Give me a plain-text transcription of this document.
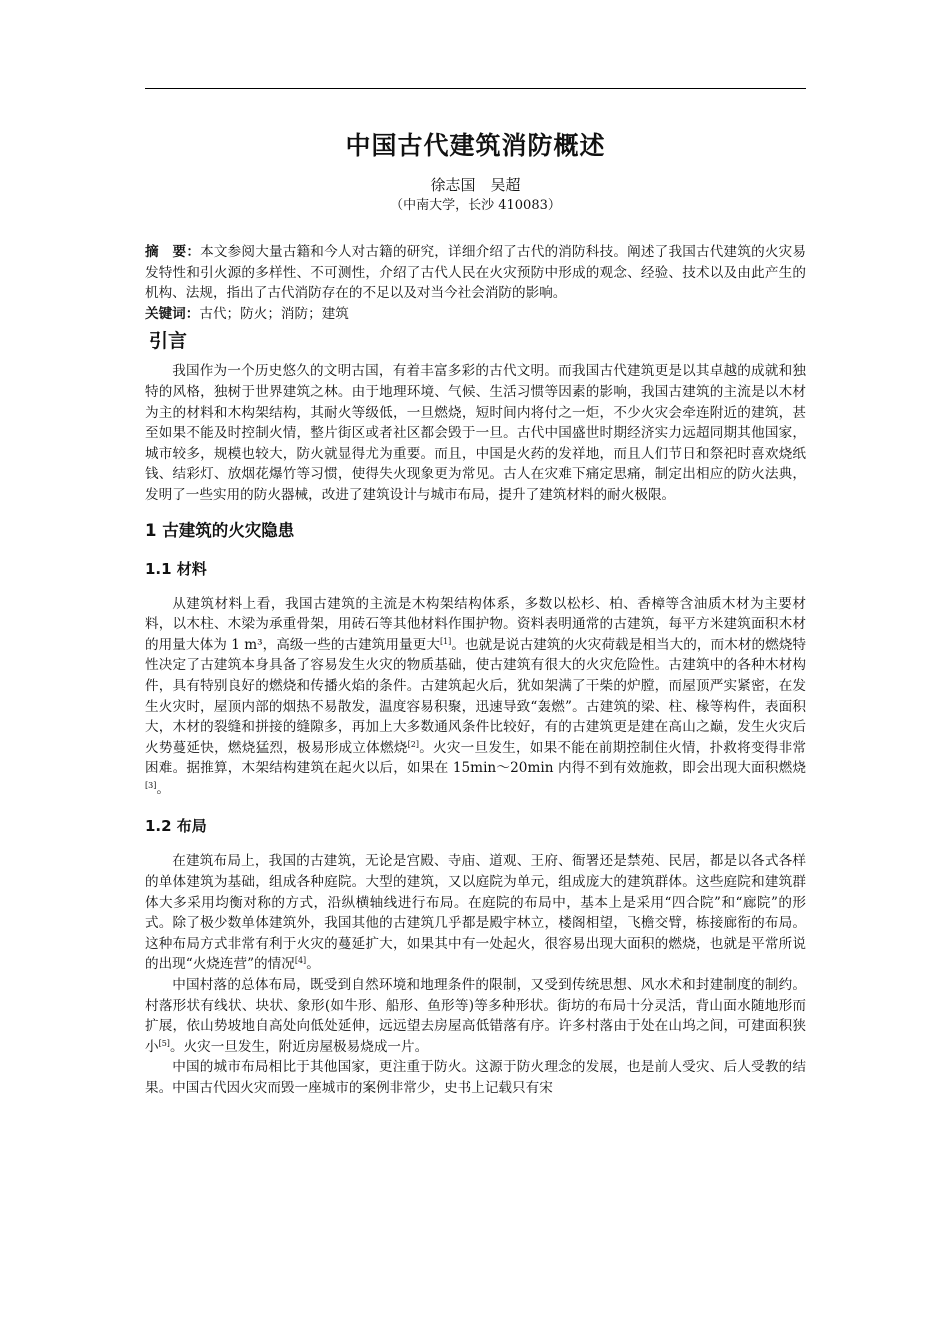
中国古代建筑消防概述
徐志国　吴超
（中南大学，长沙 410083）
摘　要：本文参阅大量古籍和今人对古籍的研究，详细介绍了古代的消防科技。阐述了我国古代建筑的火灾易发特性和引火源的多样性、不可测性，介绍了古代人民在火灾预防中形成的观念、经验、技术以及由此产生的机构、法规，指出了古代消防存在的不足以及对当今社会消防的影响。
关键词：古代；防火；消防；建筑
引言

我国作为一个历史悠久的文明古国，有着丰富多彩的古代文明。而我国古代建筑更是以其卓越的成就和独特的风格，独树于世界建筑之林。由于地理环境、气候、生活习惯等因素的影响，我国古建筑的主流是以木材为主的材料和木构架结构，其耐火等级低，一旦燃烧，短时间内将付之一炬，不少火灾会牵连附近的建筑，甚至如果不能及时控制火情，整片街区或者社区都会毁于一旦。古代中国盛世时期经济实力远超同期其他国家，城市较多，规模也较大，防火就显得尤为重要。而且，中国是火药的发祥地，而且人们节日和祭祀时喜欢烧纸钱、结彩灯、放烟花爆竹等习惯，使得失火现象更为常见。古人在灾难下痛定思痛，制定出相应的防火法典，发明了一些实用的防火器械，改进了建筑设计与城市布局，提升了建筑材料的耐火极限。

1 古建筑的火灾隐患
1.1 材料

从建筑材料上看，我国古建筑的主流是木构架结构体系，多数以松杉、柏、香樟等含油质木材为主要材料，以木柱、木梁为承重骨架，用砖石等其他材料作围护物。资料表明通常的古建筑，每平方米建筑面积木材的用量大体为 1 m³，高级一些的古建筑用量更大[1]。也就是说古建筑的火灾荷载是相当大的，而木材的燃烧特性决定了古建筑本身具备了容易发生火灾的物质基础，使古建筑有很大的火灾危险性。古建筑中的各种木材构件，具有特别良好的燃烧和传播火焰的条件。古建筑起火后，犹如架满了干柴的炉膛，而屋顶严实紧密，在发生火灾时，屋顶内部的烟热不易散发，温度容易积聚，迅速导致“轰燃”。古建筑的梁、柱、椽等构件，表面积大，木材的裂缝和拼接的缝隙多，再加上大多数通风条件比较好，有的古建筑更是建在高山之巅，发生火灾后火势蔓延快，燃烧猛烈，极易形成立体燃烧[2]。火灾一旦发生，如果不能在前期控制住火情，扑救将变得非常困难。据推算，木架结构建筑在起火以后，如果在 15min～20min 内得不到有效施救，即会出现大面积燃烧[3]。

1.2 布局

在建筑布局上，我国的古建筑，无论是宫殿、寺庙、道观、王府、衙署还是禁苑、民居，都是以各式各样的单体建筑为基础，组成各种庭院。大型的建筑，又以庭院为单元，组成庞大的建筑群体。这些庭院和建筑群体大多采用均衡对称的方式，沿纵横轴线进行布局。在庭院的布局中，基本上是采用“四合院”和“廊院”的形式。除了极少数单体建筑外，我国其他的古建筑几乎都是殿宇林立，楼阁相望，飞檐交臂，栋接廊衔的布局。这种布局方式非常有利于火灾的蔓延扩大，如果其中有一处起火，很容易出现大面积的燃烧，也就是平常所说的出现“火烧连营”的情况[4]。

中国村落的总体布局，既受到自然环境和地理条件的限制，又受到传统思想、风水术和封建制度的制约。村落形状有线状、块状、象形(如牛形、船形、鱼形等)等多种形状。街坊的布局十分灵活，背山面水随地形而扩展，依山势坡地自高处向低处延伸，远远望去房屋高低错落有序。许多村落由于处在山坞之间，可建面积狭小[5]。火灾一旦发生，附近房屋极易烧成一片。

中国的城市布局相比于其他国家，更注重于防火。这源于防火理念的发展，也是前人受灾、后人受教的结果。中国古代因火灾而毁一座城市的案例非常少，史书上记载只有宋
